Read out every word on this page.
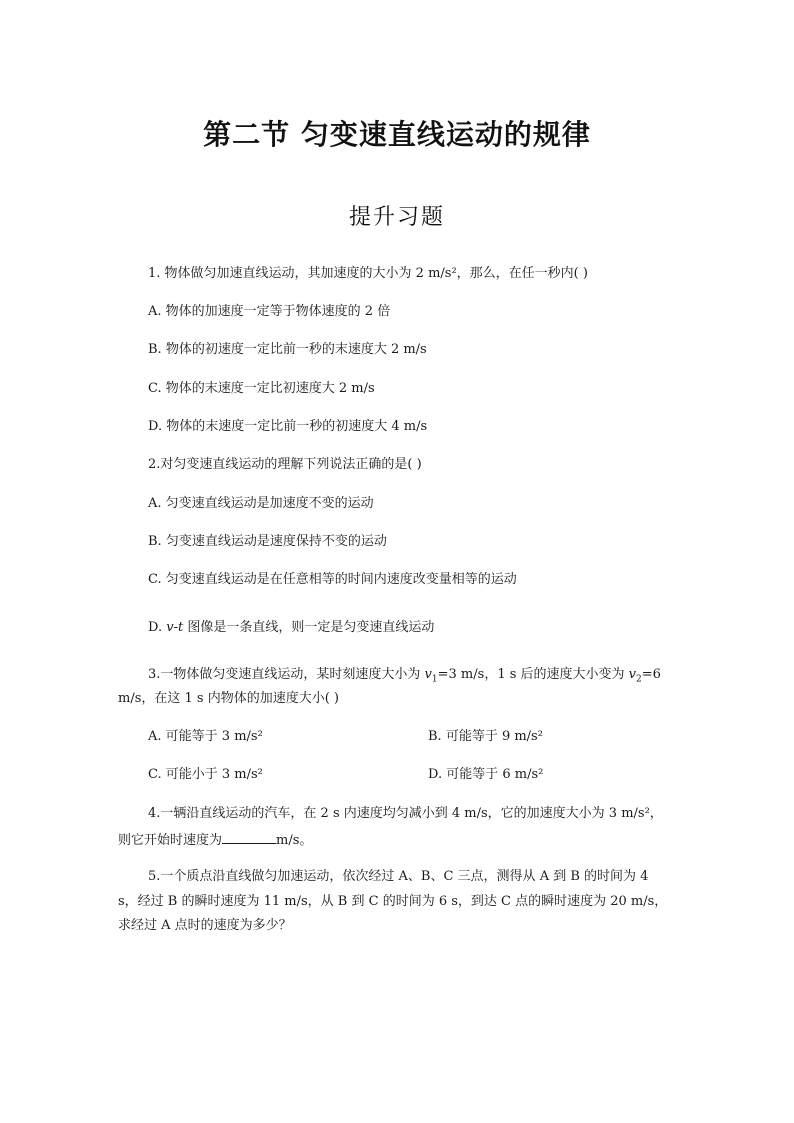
第二节 匀变速直线运动的规律
提升习题
1. 物体做匀加速直线运动，其加速度的大小为 2 m/s²，那么，在任一秒内( )
A. 物体的加速度一定等于物体速度的 2 倍
B. 物体的初速度一定比前一秒的末速度大 2 m/s
C. 物体的末速度一定比初速度大 2 m/s
D. 物体的末速度一定比前一秒的初速度大 4 m/s
2.对匀变速直线运动的理解下列说法正确的是( )
A. 匀变速直线运动是加速度不变的运动
B. 匀变速直线运动是速度保持不变的运动
C. 匀变速直线运动是在任意相等的时间内速度改变量相等的运动
D. v-t 图像是一条直线，则一定是匀变速直线运动
3.一物体做匀变速直线运动，某时刻速度大小为 $v_1=3$ m/s，1 s 后的速度大小变为 $v_2=6$
m/s，在这 1 s 内物体的加速度大小( )
A. 可能等于 3 m/s²	B. 可能等于 9 m/s²
C. 可能小于 3 m/s²	D. 可能等于 6 m/s²
4.一辆沿直线运动的汽车，在 2 s 内速度均匀减小到 4 m/s，它的加速度大小为 3 m/s²，
则它开始时速度为	m/s。
5.一个质点沿直线做匀加速运动，依次经过 A、B、C 三点，测得从 A 到 B 的时间为 4
s，经过 B 的瞬时速度为 11 m/s，从 B 到 C 的时间为 6 s，到达 C 点的瞬时速度为 20 m/s，
求经过 A 点时的速度为多少？
